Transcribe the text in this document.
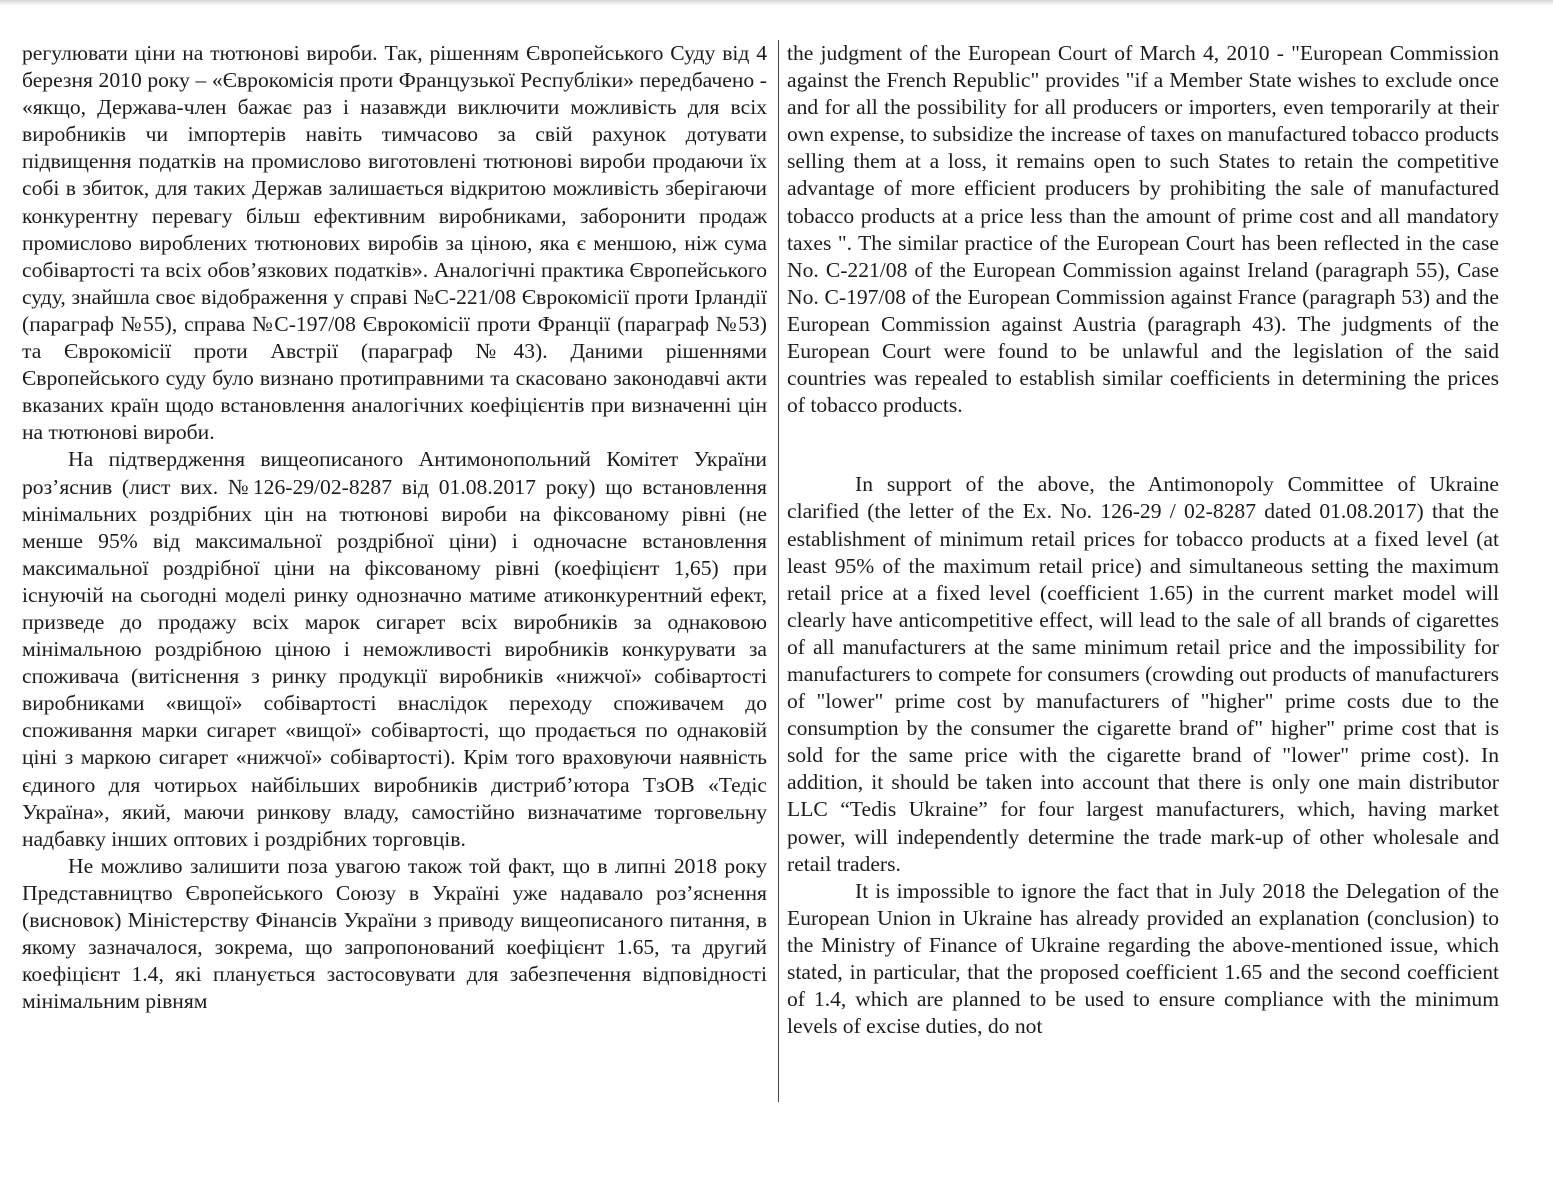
регулювати ціни на тютюнові вироби. Так, рішенням Європейського Суду від 4 березня 2010 року – «Єврокомісія проти Французької Республіки» передбачено - «якщо, Держава-член бажає раз і назавжди виключити можливість для всіх виробників чи імпортерів навіть тимчасово за свій рахунок дотувати підвищення податків на промислово виготовлені тютюнові вироби продаючи їх собі в збиток, для таких Держав залишається відкритою можливість зберігаючи конкурентну перевагу більш ефективним виробниками, заборонити продаж промислово вироблених тютюнових виробів за ціною, яка є меншою, ніж сума собівартості та всіх обов’язкових податків». Аналогічні практика Європейського суду, знайшла своє відображення у справі №С-221/08 Єврокомісії проти Ірландії (параграф №55), справа №С-197/08 Єврокомісії проти Франції (параграф №53) та Єврокомісії проти Австрії (параграф №43). Даними рішеннями Європейського суду було визнано протиправними та скасовано законодавчі акти вказаних країн щодо встановлення аналогічних коефіцієнтів при визначенні цін на тютюнові вироби.

На підтвердження вищеописаного Антимонопольний Комітет України роз’яснив (лист вих. №126-29/02-8287 від 01.08.2017 року) що встановлення мінімальних роздрібних цін на тютюнові вироби на фіксованому рівні (не менше 95% від максимальної роздрібної ціни) і одночасне встановлення максимальної роздрібної ціни на фіксованому рівні (коефіцієнт 1,65) при існуючій на сьогодні моделі ринку однозначно матиме атиконкурентний ефект, призведе до продажу всіх марок сигарет всіх виробників за однаковою мінімальною роздрібною ціною і неможливості виробників конкурувати за споживача (витіснення з ринку продукції виробників «нижчої» собівартості виробниками «вищої» собівартості внаслідок переходу споживачем до споживання марки сигарет «вищої» собівартості, що продається по однаковій ціні з маркою сигарет «нижчої» собівартості). Крім того враховуючи наявність єдиного для чотирьох найбільших виробників дистриб’ютора ТзОВ «Тедіс Україна», який, маючи ринкову владу, самостійно визначатиме торговельну надбавку інших оптових і роздрібних торговців.

Не можливо залишити поза увагою також той факт, що в липні 2018 року Представництво Європейського Союзу в Україні уже надавало роз’яснення (висновок) Міністерству Фінансів України з приводу вищеописаного питання, в якому зазначалося, зокрема, що запропонований коефіцієнт 1.65, та другий коефіцієнт 1.4, які планується застосовувати для забезпечення відповідності мінімальним рівням

the judgment of the European Court of March 4, 2010 - "European Commission against the French Republic" provides "if a Member State wishes to exclude once and for all the possibility for all producers or importers, even temporarily at their own expense, to subsidize the increase of taxes on manufactured tobacco products selling them at a loss, it remains open to such States to retain the competitive advantage of more efficient producers by prohibiting the sale of manufactured tobacco products at a price less than the amount of prime cost and all mandatory taxes ". The similar practice of the European Court has been reflected in the case No. C-221/08 of the European Commission against Ireland (paragraph 55), Case No. C-197/08 of the European Commission against France (paragraph 53) and the European Commission against Austria (paragraph 43). The judgments of the European Court were found to be unlawful and the legislation of the said countries was repealed to establish similar coefficients in determining the prices of tobacco products.

In support of the above, the Antimonopoly Committee of Ukraine clarified (the letter of the Ex. No. 126-29 / 02-8287 dated 01.08.2017) that the establishment of minimum retail prices for tobacco products at a fixed level (at least 95% of the maximum retail price) and simultaneous setting the maximum retail price at a fixed level (coefficient 1.65) in the current market model will clearly have anticompetitive effect, will lead to the sale of all brands of cigarettes of all manufacturers at the same minimum retail price and the impossibility for manufacturers to compete for consumers (crowding out products of manufacturers of "lower" prime cost by manufacturers of "higher" prime costs due to the consumption by the consumer the cigarette brand of" higher" prime cost that is sold for the same price with the cigarette brand of "lower" prime cost). In addition, it should be taken into account that there is only one main distributor LLC “Tedis Ukraine” for four largest manufacturers, which, having market power, will independently determine the trade mark-up of other wholesale and retail traders.

It is impossible to ignore the fact that in July 2018 the Delegation of the European Union in Ukraine has already provided an explanation (conclusion) to the Ministry of Finance of Ukraine regarding the above-mentioned issue, which stated, in particular, that the proposed coefficient 1.65 and the second coefficient of 1.4, which are planned to be used to ensure compliance with the minimum levels of excise duties, do not
